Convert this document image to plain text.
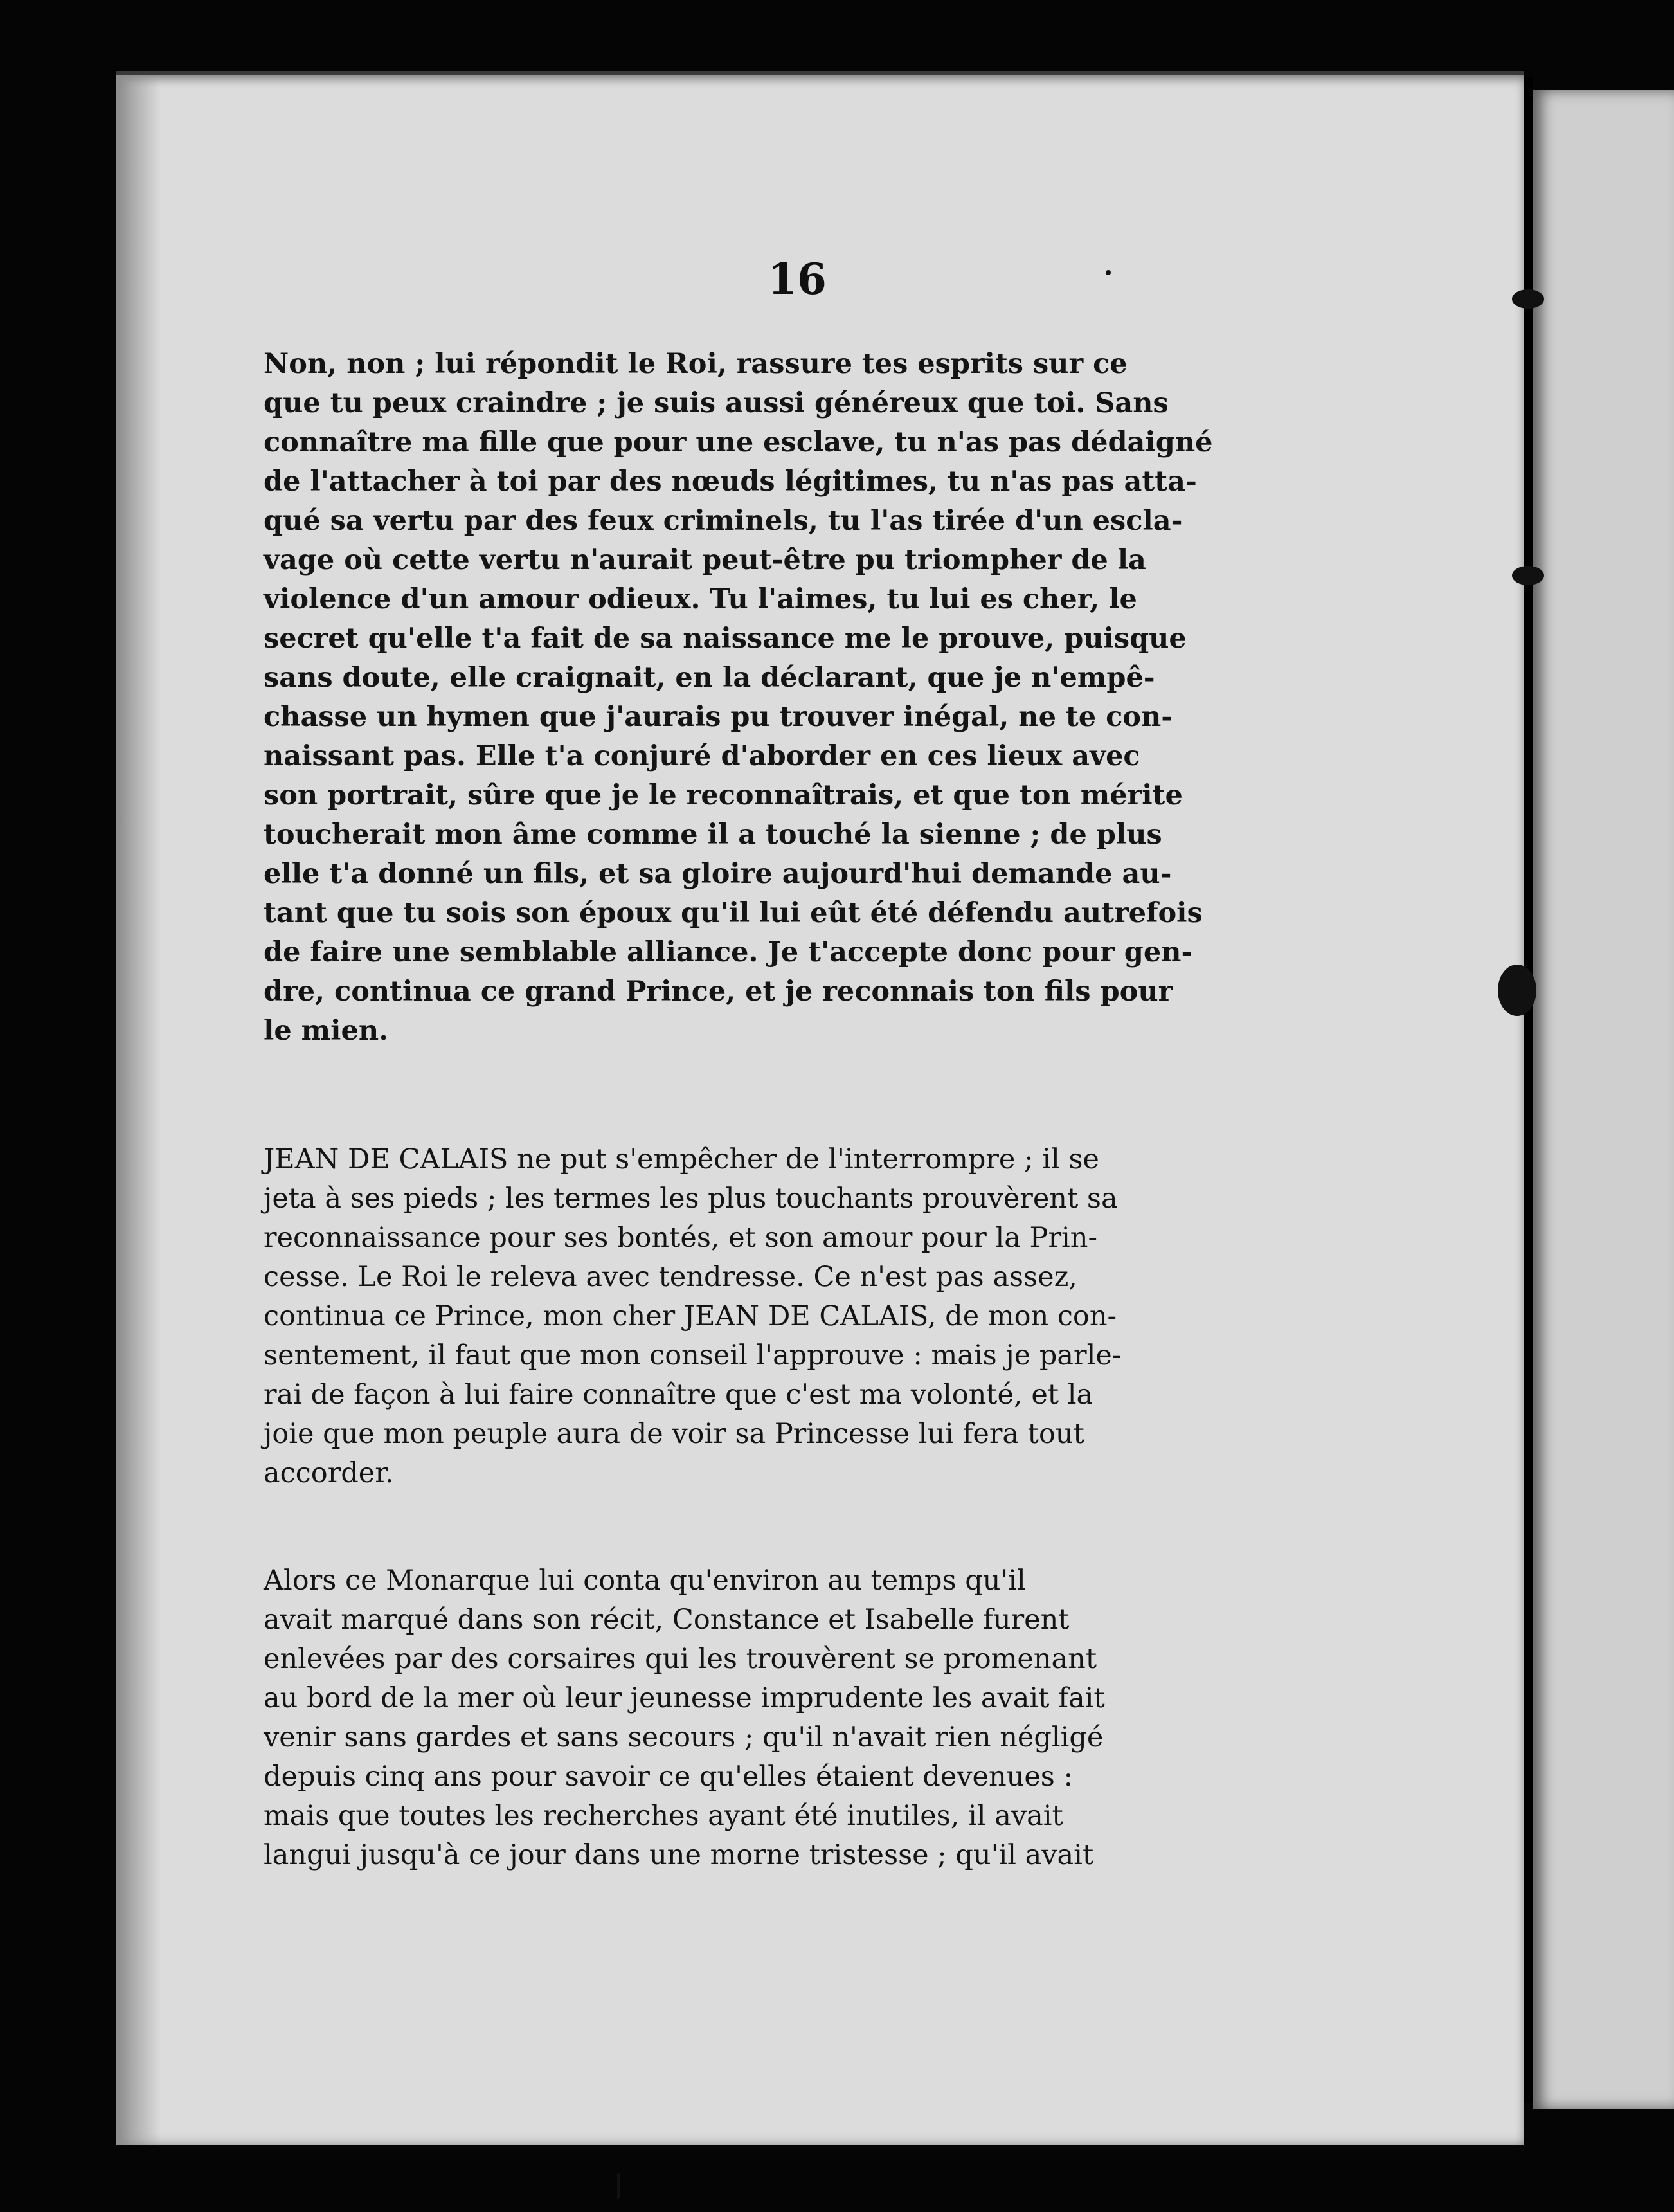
16
Non, non ; lui répondit le Roi, rassure tes esprits sur ce
que tu peux craindre ; je suis aussi généreux que toi. Sans
connaître ma fille que pour une esclave, tu n'as pas dédaigné
de l'attacher à toi par des nœuds légitimes, tu n'as pas atta-
qué sa vertu par des feux criminels, tu l'as tirée d'un escla-
vage où cette vertu n'aurait peut-être pu triompher de la
violence d'un amour odieux. Tu l'aimes, tu lui es cher, le
secret qu'elle t'a fait de sa naissance me le prouve, puisque
sans doute, elle craignait, en la déclarant, que je n'empê-
chasse un hymen que j'aurais pu trouver inégal, ne te con-
naissant pas. Elle t'a conjuré d'aborder en ces lieux avec
son portrait, sûre que je le reconnaîtrais, et que ton mérite
toucherait mon âme comme il a touché la sienne ; de plus
elle t'a donné un fils, et sa gloire aujourd'hui demande au-
tant que tu sois son époux qu'il lui eût été défendu autrefois
de faire une semblable alliance. Je t'accepte donc pour gen-
dre, continua ce grand Prince, et je reconnais ton fils pour
le mien.
JEAN DE CALAIS ne put s'empêcher de l'interrompre ; il se
jeta à ses pieds ; les termes les plus touchants prouvèrent sa
reconnaissance pour ses bontés, et son amour pour la Prin-
cesse. Le Roi le releva avec tendresse. Ce n'est pas assez,
continua ce Prince, mon cher JEAN DE CALAIS, de mon con-
sentement, il faut que mon conseil l'approuve : mais je parle-
rai de façon à lui faire connaître que c'est ma volonté, et la
joie que mon peuple aura de voir sa Princesse lui fera tout
accorder.
Alors ce Monarque lui conta qu'environ au temps qu'il
avait marqué dans son récit, Constance et Isabelle furent
enlevées par des corsaires qui les trouvèrent se promenant
au bord de la mer où leur jeunesse imprudente les avait fait
venir sans gardes et sans secours ; qu'il n'avait rien négligé
depuis cinq ans pour savoir ce qu'elles étaient devenues :
mais que toutes les recherches ayant été inutiles, il avait
langui jusqu'à ce jour dans une morne tristesse ; qu'il avait
